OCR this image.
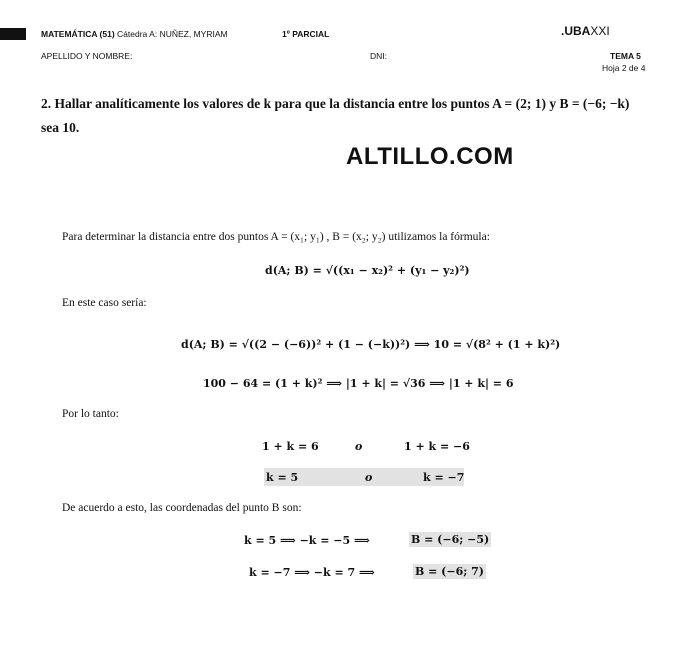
MATEMÁTICA (51) Cátedra A: NUÑEZ, MYRIAM	1º PARCIAL	.UBAXXI
APELLIDO Y NOMBRE:	DNI:	TEMA 5
Hoja 2 de 4
2. Hallar analíticamente los valores de k para que la distancia entre los puntos A = (2; 1) y B = (−6; −k)
sea 10.
ALTILLO.COM
Para determinar la distancia entre dos puntos A = (x₁; y₁) , B = (x₂; y₂) utilizamos la fórmula:
d(A; B) = √((x₁ − x₂)² + (y₁ − y₂)²)
En este caso sería:
d(A; B) = √((2 − (−6))² + (1 − (−k))²) ⟹ 10 = √(8² + (1 + k)²)
100 − 64 = (1 + k)² ⟹ |1 + k| = √36 ⟹ |1 + k| = 6
Por lo tanto:
1 + k = 6	o	1 + k = −6
k = 5	o	k = −7
De acuerdo a esto, las coordenadas del punto B son:
k = 5 ⟹ −k = −5 ⟹	B = (−6; −5)
k = −7 ⟹ −k = 7 ⟹	B = (−6; 7)
